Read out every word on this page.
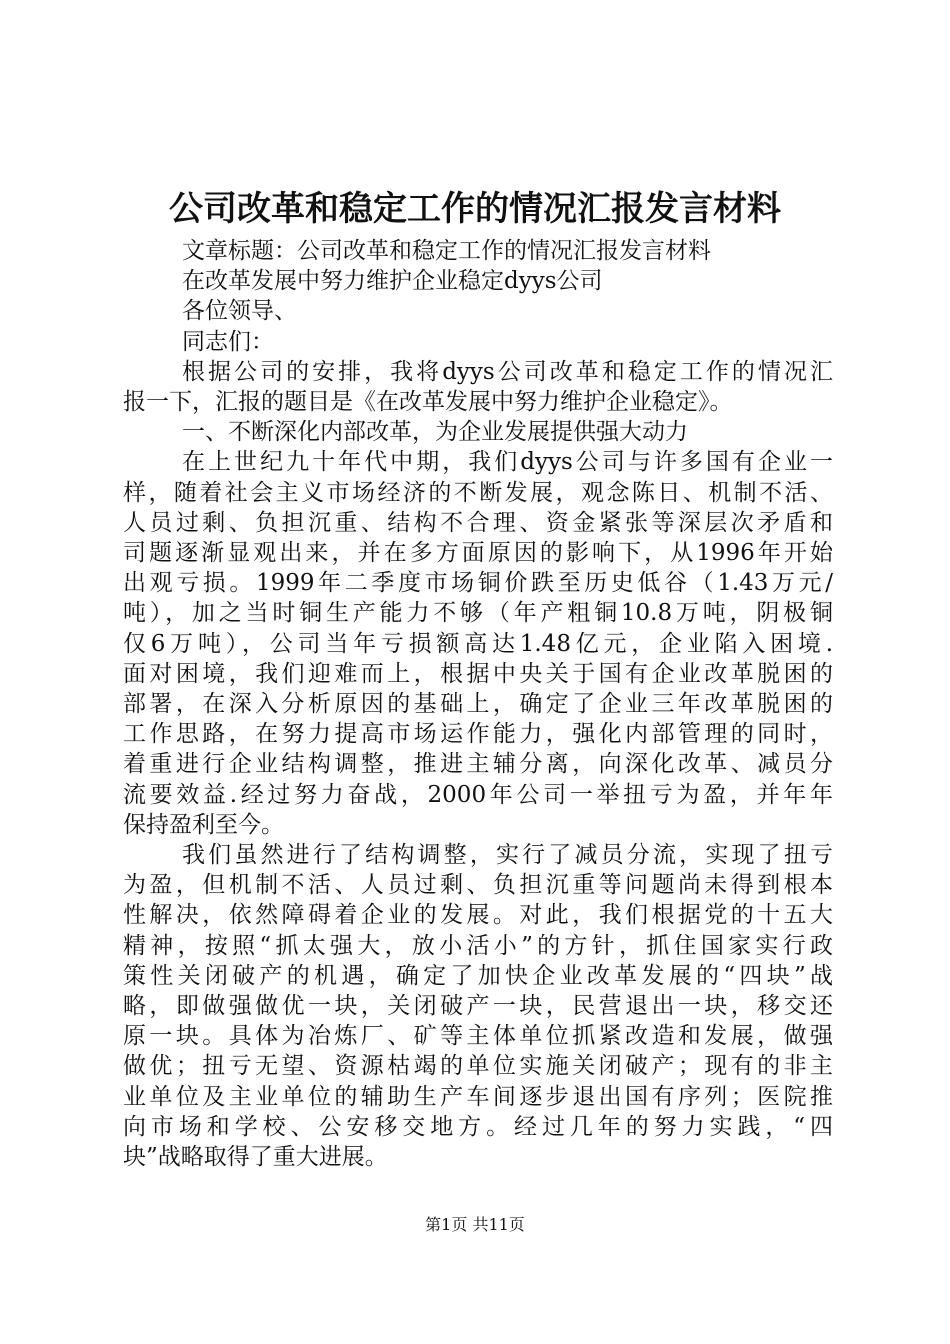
公司改革和稳定工作的情况汇报发言材料

文章标题：公司改革和稳定工作的情况汇报发言材料

在改革发展中努力维护企业稳定dyys公司

各位领导、

同志们：

根据公司的安排，我将dyys公司改革和稳定工作的情况汇

报一下，汇报的题目是《在改革发展中努力维护企业稳定》。

一、不断深化内部改革，为企业发展提供强大动力

在上世纪九十年代中期，我们dyys公司与许多国有企业一

样，随着社会主义市场经济的不断发展，观念陈日、机制不活、

人员过剩、负担沉重、结构不合理、资金紧张等深层次矛盾和

司题逐渐显观出来，并在多方面原因的影响下，从1996年开始

出观亏损。1999年二季度市场铜价跌至历史低谷（1.43万元/

吨），加之当时铜生产能力不够（年产粗铜10.8万吨，阴极铜

仅6万吨），公司当年亏损额高达1.48亿元，企业陷入困境.

面对困境，我们迎难而上，根据中央关于国有企业改革脱困的

部署，在深入分析原因的基础上，确定了企业三年改革脱困的

工作思路，在努力提高市场运作能力，强化内部管理的同时，

着重进行企业结构调整，推进主辅分离，向深化改革、减员分

流要效益.经过努力奋战，2000年公司一举扭亏为盈，并年年

保持盈利至今。

我们虽然进行了结构调整，实行了减员分流，实现了扭亏

为盈，但机制不活、人员过剩、负担沉重等问题尚未得到根本

性解决，依然障碍着企业的发展。对此，我们根据党的十五大

精神，按照“抓太强大，放小活小”的方针，抓住国家实行政

策性关闭破产的机遇，确定了加快企业改革发展的“四块”战

略，即做强做优一块，关闭破产一块，民营退出一块，移交还

原一块。具体为冶炼厂、矿等主体单位抓紧改造和发展，做强

做优；扭亏无望、资源枯竭的单位实施关闭破产；现有的非主

业单位及主业单位的辅助生产车间逐步退出国有序列；医院推

向市场和学校、公安移交地方。经过几年的努力实践，“四

块”战略取得了重大进展。

第1页 共11页
